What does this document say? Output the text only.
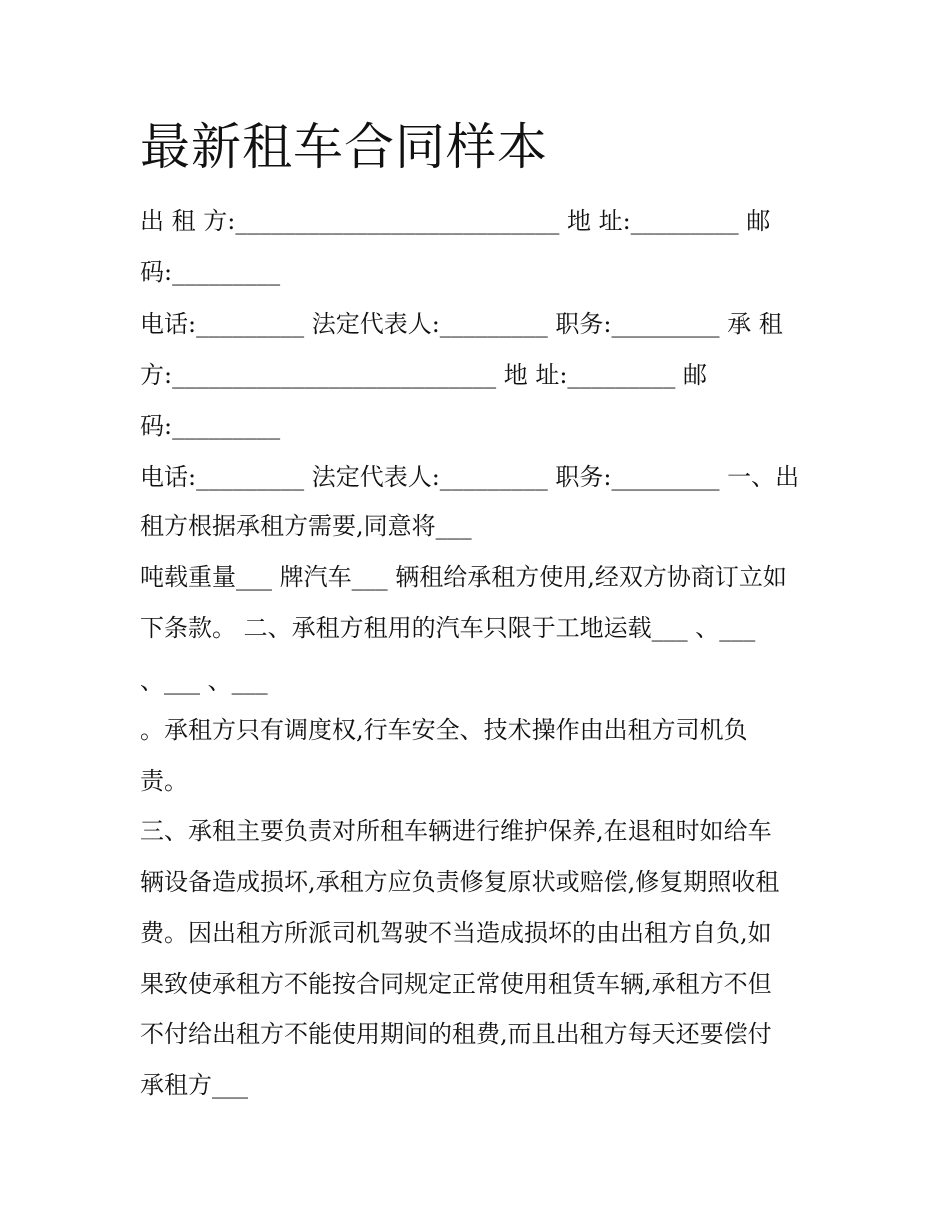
最新租车合同样本

出 租 方:___________________________ 地 址:_________ 邮

码:_________

电话:_________ 法定代表人:_________ 职务:_________ 承 租

方:___________________________ 地 址:_________ 邮

码:_________

电话:_________ 法定代表人:_________ 职务:_________ 一、出

租方根据承租方需要,同意将___

吨载重量___ 牌汽车___ 辆租给承租方使用,经双方协商订立如

下条款。 二、承租方租用的汽车只限于工地运载___ 、___

、___ 、___

。承租方只有调度权,行车安全、技术操作由出租方司机负

责。

三、承租主要负责对所租车辆进行维护保养,在退租时如给车

辆设备造成损坏,承租方应负责修复原状或赔偿,修复期照收租

费。因出租方所派司机驾驶不当造成损坏的由出租方自负,如

果致使承租方不能按合同规定正常使用租赁车辆,承租方不但

不付给出租方不能使用期间的租费,而且出租方每天还要偿付

承租方___
